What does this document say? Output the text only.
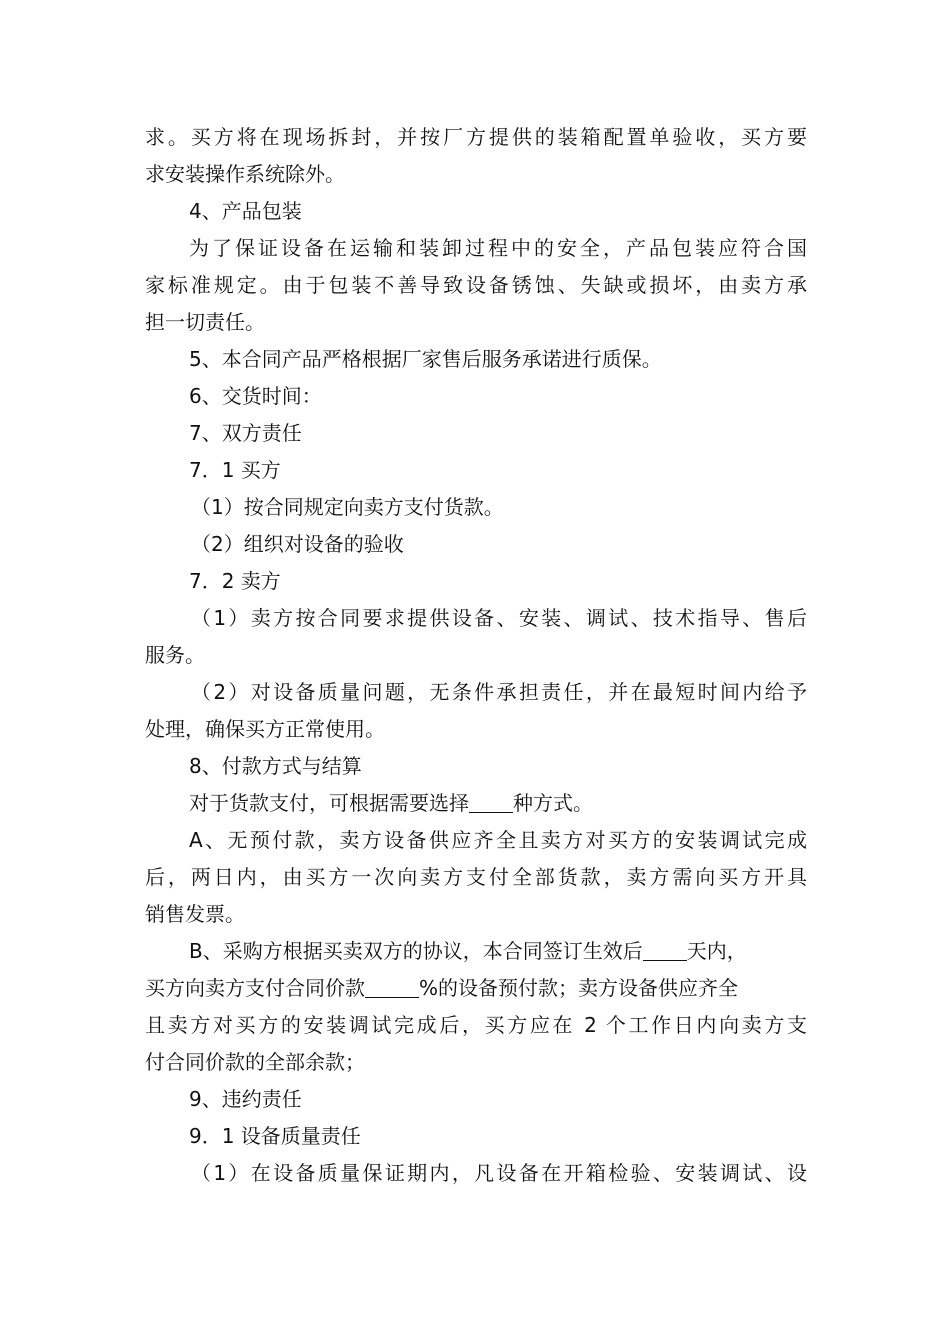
求。买方将在现场拆封，并按厂方提供的装箱配置单验收，买方要
求安装操作系统除外。
4、产品包装
为了保证设备在运输和装卸过程中的安全，产品包装应符合国
家标准规定。由于包装不善导致设备锈蚀、失缺或损坏，由卖方承
担一切责任。
5、本合同产品严格根据厂家售后服务承诺进行质保。
6、交货时间：
7、双方责任
7．1 买方
（1）按合同规定向卖方支付货款。
（2）组织对设备的验收
7．2 卖方
（1）卖方按合同要求提供设备、安装、调试、技术指导、售后
服务。
（2）对设备质量问题，无条件承担责任，并在最短时间内给予
处理，确保买方正常使用。
8、付款方式与结算
对于货款支付，可根据需要选择 种方式。
A、无预付款，卖方设备供应齐全且卖方对买方的安装调试完成
后，两日内，由买方一次向卖方支付全部货款，卖方需向买方开具
销售发票。
B、采购方根据买卖双方的协议，本合同签订生效后 天内，
买方向卖方支付合同价款	%的设备预付款；卖方设备供应齐全
且卖方对买方的安装调试完成后，买方应在 2 个工作日内向卖方支
付合同价款的全部余款；
9、违约责任
9．1 设备质量责任
（1）在设备质量保证期内，凡设备在开箱检验、安装调试、设
